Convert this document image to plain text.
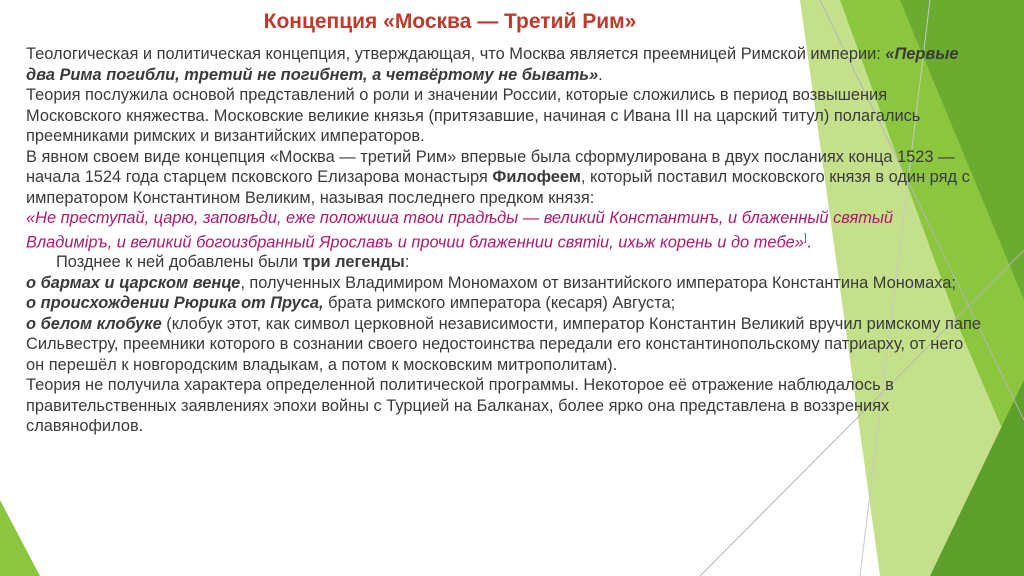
Концепция «Москва — Третий Рим»

Теологическая и политическая концепция, утверждающая, что Москва является преемницей Римской империи: «Первые два Рима погибли, третий не погибнет, а четвёртому не бывать».

Теория послужила основой представлений о роли и значении России, которые сложились в период возвышения Московского княжества. Московские великие князья (притязавшие, начиная с Ивана III на царский титул) полагались преемниками римских и византийских императоров.

В явном своем виде концепция «Москва — третий Рим» впервые была сформулирована в двух посланиях конца 1523 — начала 1524 года старцем псковского Елизарова монастыря Филофеем, который поставил московского князя в один ряд с императором Константином Великим, называя последнего предком князя:
«Не преступай, царю, заповѣди, еже положиша твои прадѣды — великий Константинъ, и блаженный святый Владиміръ, и великий богоизбранный Ярославъ и прочии блаженнии святіи, ихьж корень и до тебе»].

Позднее к ней добавлены были три легенды:

о бармах и царском венце, полученных Владимиром Мономахом от византийского императора Константина Мономаха;

о происхождении Рюрика от Пруса, брата римского императора (кесаря) Августа;

о белом клобуке (клобук этот, как символ церковной независимости, император Константин Великий вручил римскому папе Сильвестру, преемники которого в сознании своего недостоинства передали его константинопольскому патриарху, от него он перешёл к новгородским владыкам, а потом к московским митрополитам).

Теория не получила характера определенной политической программы. Некоторое её отражение наблюдалось в правительственных заявлениях эпохи войны с Турцией на Балканах, более ярко она представлена в воззрениях славянофилов.
